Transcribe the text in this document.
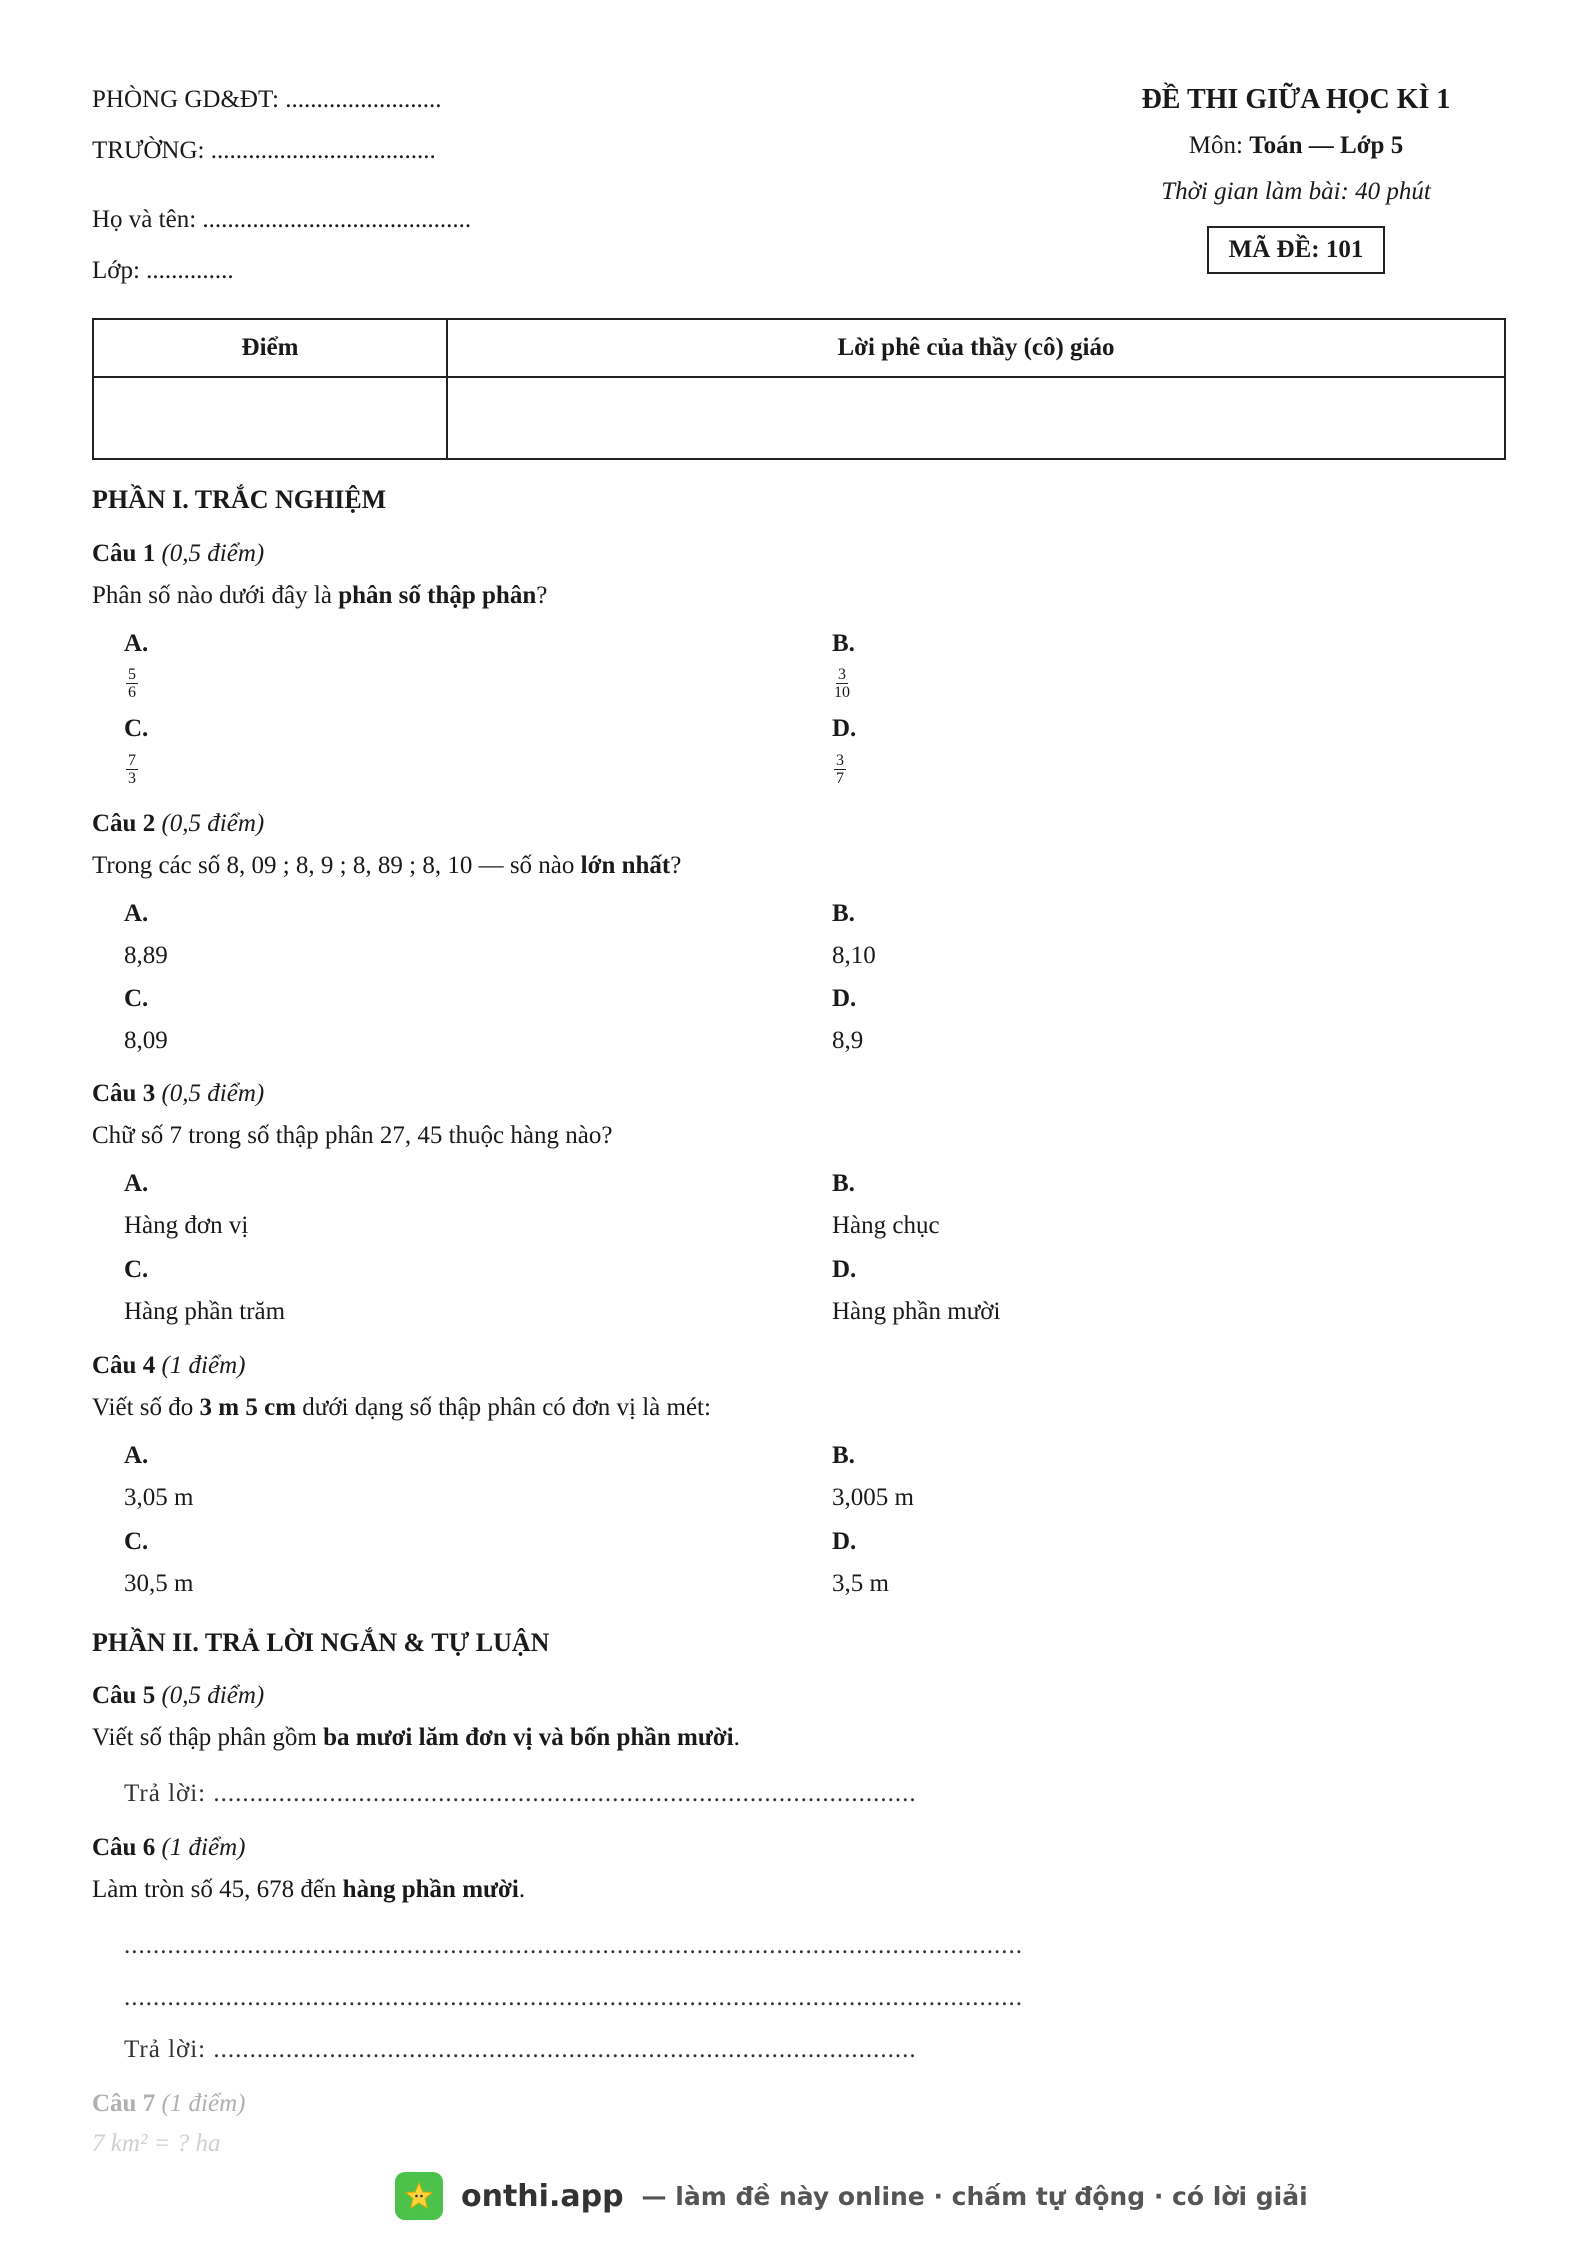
PHÒNG GD&ĐT: .........................
TRƯỜNG: ....................................
Họ và tên: ...........................................
Lớp: ..............
ĐỀ THI GIỮA HỌC KÌ 1
Môn: Toán — Lớp 5
Thời gian làm bài: 40 phút
MÃ ĐỀ: 101
Điểm	Lời phê của thầy (cô) giáo

PHẦN I. TRẮC NGHIỆM
Câu 1 (0,5 điểm)
Phân số nào dưới đây là phân số thập phân?
A.
$\frac{5}{6}$
B.
$\frac{3}{10}$
C.
$\frac{7}{3}$
D.
$\frac{3}{7}$
Câu 2 (0,5 điểm)
Trong các số 8, 09 ; 8, 9 ; 8, 89 ; 8, 10 — số nào lớn nhất?
A.
8,89
B.
8,10
C.
8,09
D.
8,9
Câu 3 (0,5 điểm)
Chữ số 7 trong số thập phân 27, 45 thuộc hàng nào?
A.
Hàng đơn vị
B.
Hàng chục
C.
Hàng phần trăm
D.
Hàng phần mười
Câu 4 (1 điểm)
Viết số đo 3 m 5 cm dưới dạng số thập phân có đơn vị là mét:
A.
3,05 m
B.
3,005 m
C.
30,5 m
D.
3,5 m
PHẦN II. TRẢ LỜI NGẮN & TỰ LUẬN
Câu 5 (0,5 điểm)
Viết số thập phân gồm ba mươi lăm đơn vị và bốn phần mười.
Trả lời: .................................................................................................
Câu 6 (1 điểm)
Làm tròn số 45, 678 đến hàng phần mười.
............................................................................................................................
............................................................................................................................
Trả lời: .................................................................................................
Câu 7 (1 điểm)
7 km² = ? ha
onthi.app — làm đề này online · chấm tự động · có lời giải
